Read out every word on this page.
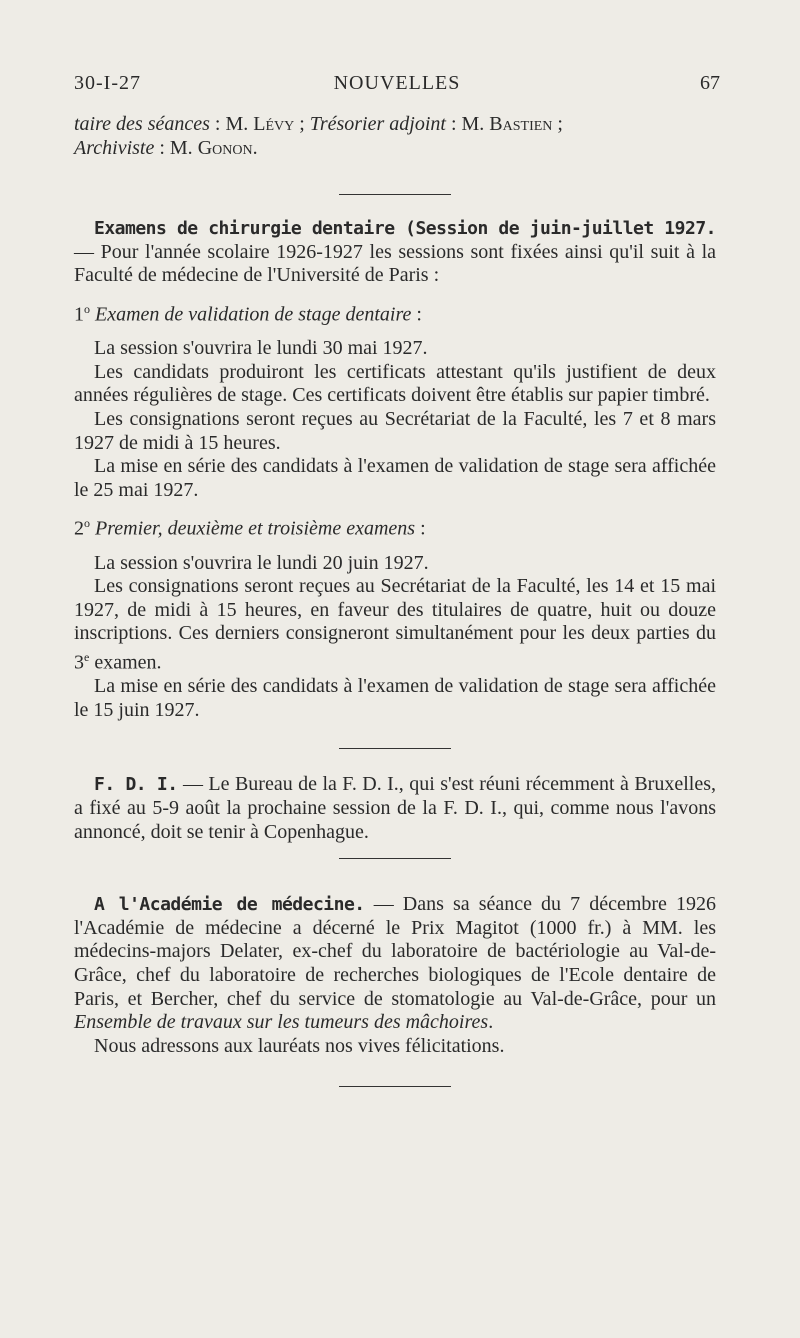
30-I-27	NOUVELLES	67

taire des séances : M. Lévy ; Trésorier adjoint : M. Bastien ;
Archiviste : M. Gonon.

Examens de chirurgie dentaire (Session de juin-juillet 1927. — Pour l'année scolaire 1926-1927 les sessions sont fixées ainsi qu'il suit à la Faculté de médecine de l'Université de Paris :

1$^o$ Examen de validation de stage dentaire :

La session s'ouvrira le lundi 30 mai 1927.

Les candidats produiront les certificats attestant qu'ils justifient de deux années régulières de stage. Ces certificats doivent être établis sur papier timbré.

Les consignations seront reçues au Secrétariat de la Faculté, les 7 et 8 mars 1927 de midi à 15 heures.

La mise en série des candidats à l'examen de validation de stage sera affichée le 25 mai 1927.

2$^o$ Premier, deuxième et troisième examens :

La session s'ouvrira le lundi 20 juin 1927.

Les consignations seront reçues au Secrétariat de la Faculté, les 14 et 15 mai 1927, de midi à 15 heures, en faveur des titulaires de quatre, huit ou douze inscriptions. Ces derniers consigneront simultanément pour les deux parties du 3e examen.

La mise en série des candidats à l'examen de validation de stage sera affichée le 15 juin 1927.

F. D. I. — Le Bureau de la F. D. I., qui s'est réuni récemment à Bruxelles, a fixé au 5-9 août la prochaine session de la F. D. I., qui, comme nous l'avons annoncé, doit se tenir à Copenhague.

A l'Académie de médecine. — Dans sa séance du 7 décembre 1926 l'Académie de médecine a décerné le Prix Magitot (1000 fr.) à MM. les médecins-majors Delater, ex-chef du laboratoire de bactériologie au Val-de-Grâce, chef du laboratoire de recherches biologiques de l'Ecole dentaire de Paris, et Bercher, chef du service de stomatologie au Val-de-Grâce, pour un Ensemble de travaux sur les tumeurs des mâchoires.

Nous adressons aux lauréats nos vives félicitations.
